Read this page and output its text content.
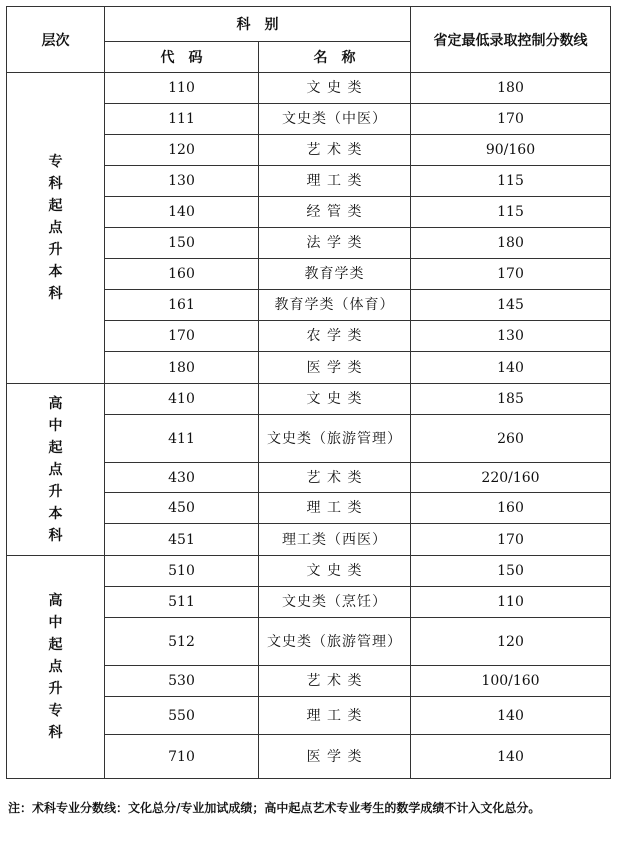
层次	科　别		省定最低录取控制分数线
	代　码	名　称	
专科起点升本科	110	文 史 类	180
	111	文史类（中医）	170
	120	艺 术 类	90/160
	130	理 工 类	115
	140	经 管 类	115
	150	法 学 类	180
	160	教育学类	170
	161	教育学类（体育）	145
	170	农 学 类	130
	180	医 学 类	140
高中起点升本科	410	文 史 类	185
	411	文史类（旅游管理）	260
	430	艺 术 类	220/160
	450	理 工 类	160
	451	理工类（西医）	170
高中起点升专科	510	文 史 类	150
	511	文史类（烹饪）	110
	512	文史类（旅游管理）	120
	530	艺 术 类	100/160
	550	理 工 类	140
	710	医 学 类	140
注：术科专业分数线：文化总分/专业加试成绩；高中起点艺术专业考生的数学成绩不计入文化总分。
